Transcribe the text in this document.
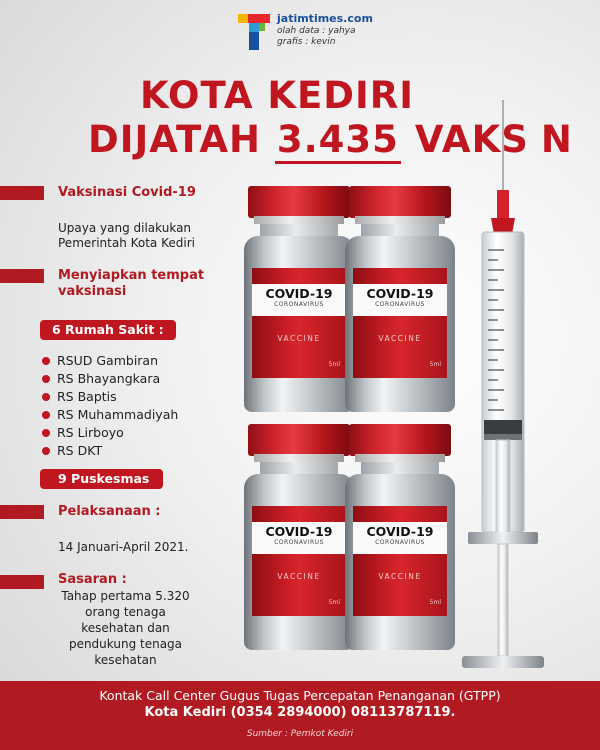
jatimtimes.com
olah data : yahya
grafis : kevin
KOTA KEDIRI
DIJATAH 3.435 VAKS N
Vaksinasi Covid-19
Upaya yang dilakukan Pemerintah Kota Kediri
Menyiapkan tempat vaksinasi
6 Rumah Sakit :
RSUD Gambiran
RS Bhayangkara
RS Baptis
RS Muhammadiyah
RS Lirboyo
RS DKT
9 Puskesmas
Pelaksanaan :
14 Januari-April 2021.
Sasaran :
Tahap pertama 5.320 orang tenaga kesehatan dan pendukung tenaga kesehatan
COVID-19
CORONAVIRUS
VACCINE
5ml
COVID-19
CORONAVIRUS
VACCINE
5ml
COVID-19
CORONAVIRUS
VACCINE
5ml
COVID-19
CORONAVIRUS
VACCINE
5ml
Kontak Call Center Gugus Tugas Percepatan Penanganan (GTPP)
Kota Kediri (0354 2894000) 08113787119.
Sumber : Pemkot Kediri
